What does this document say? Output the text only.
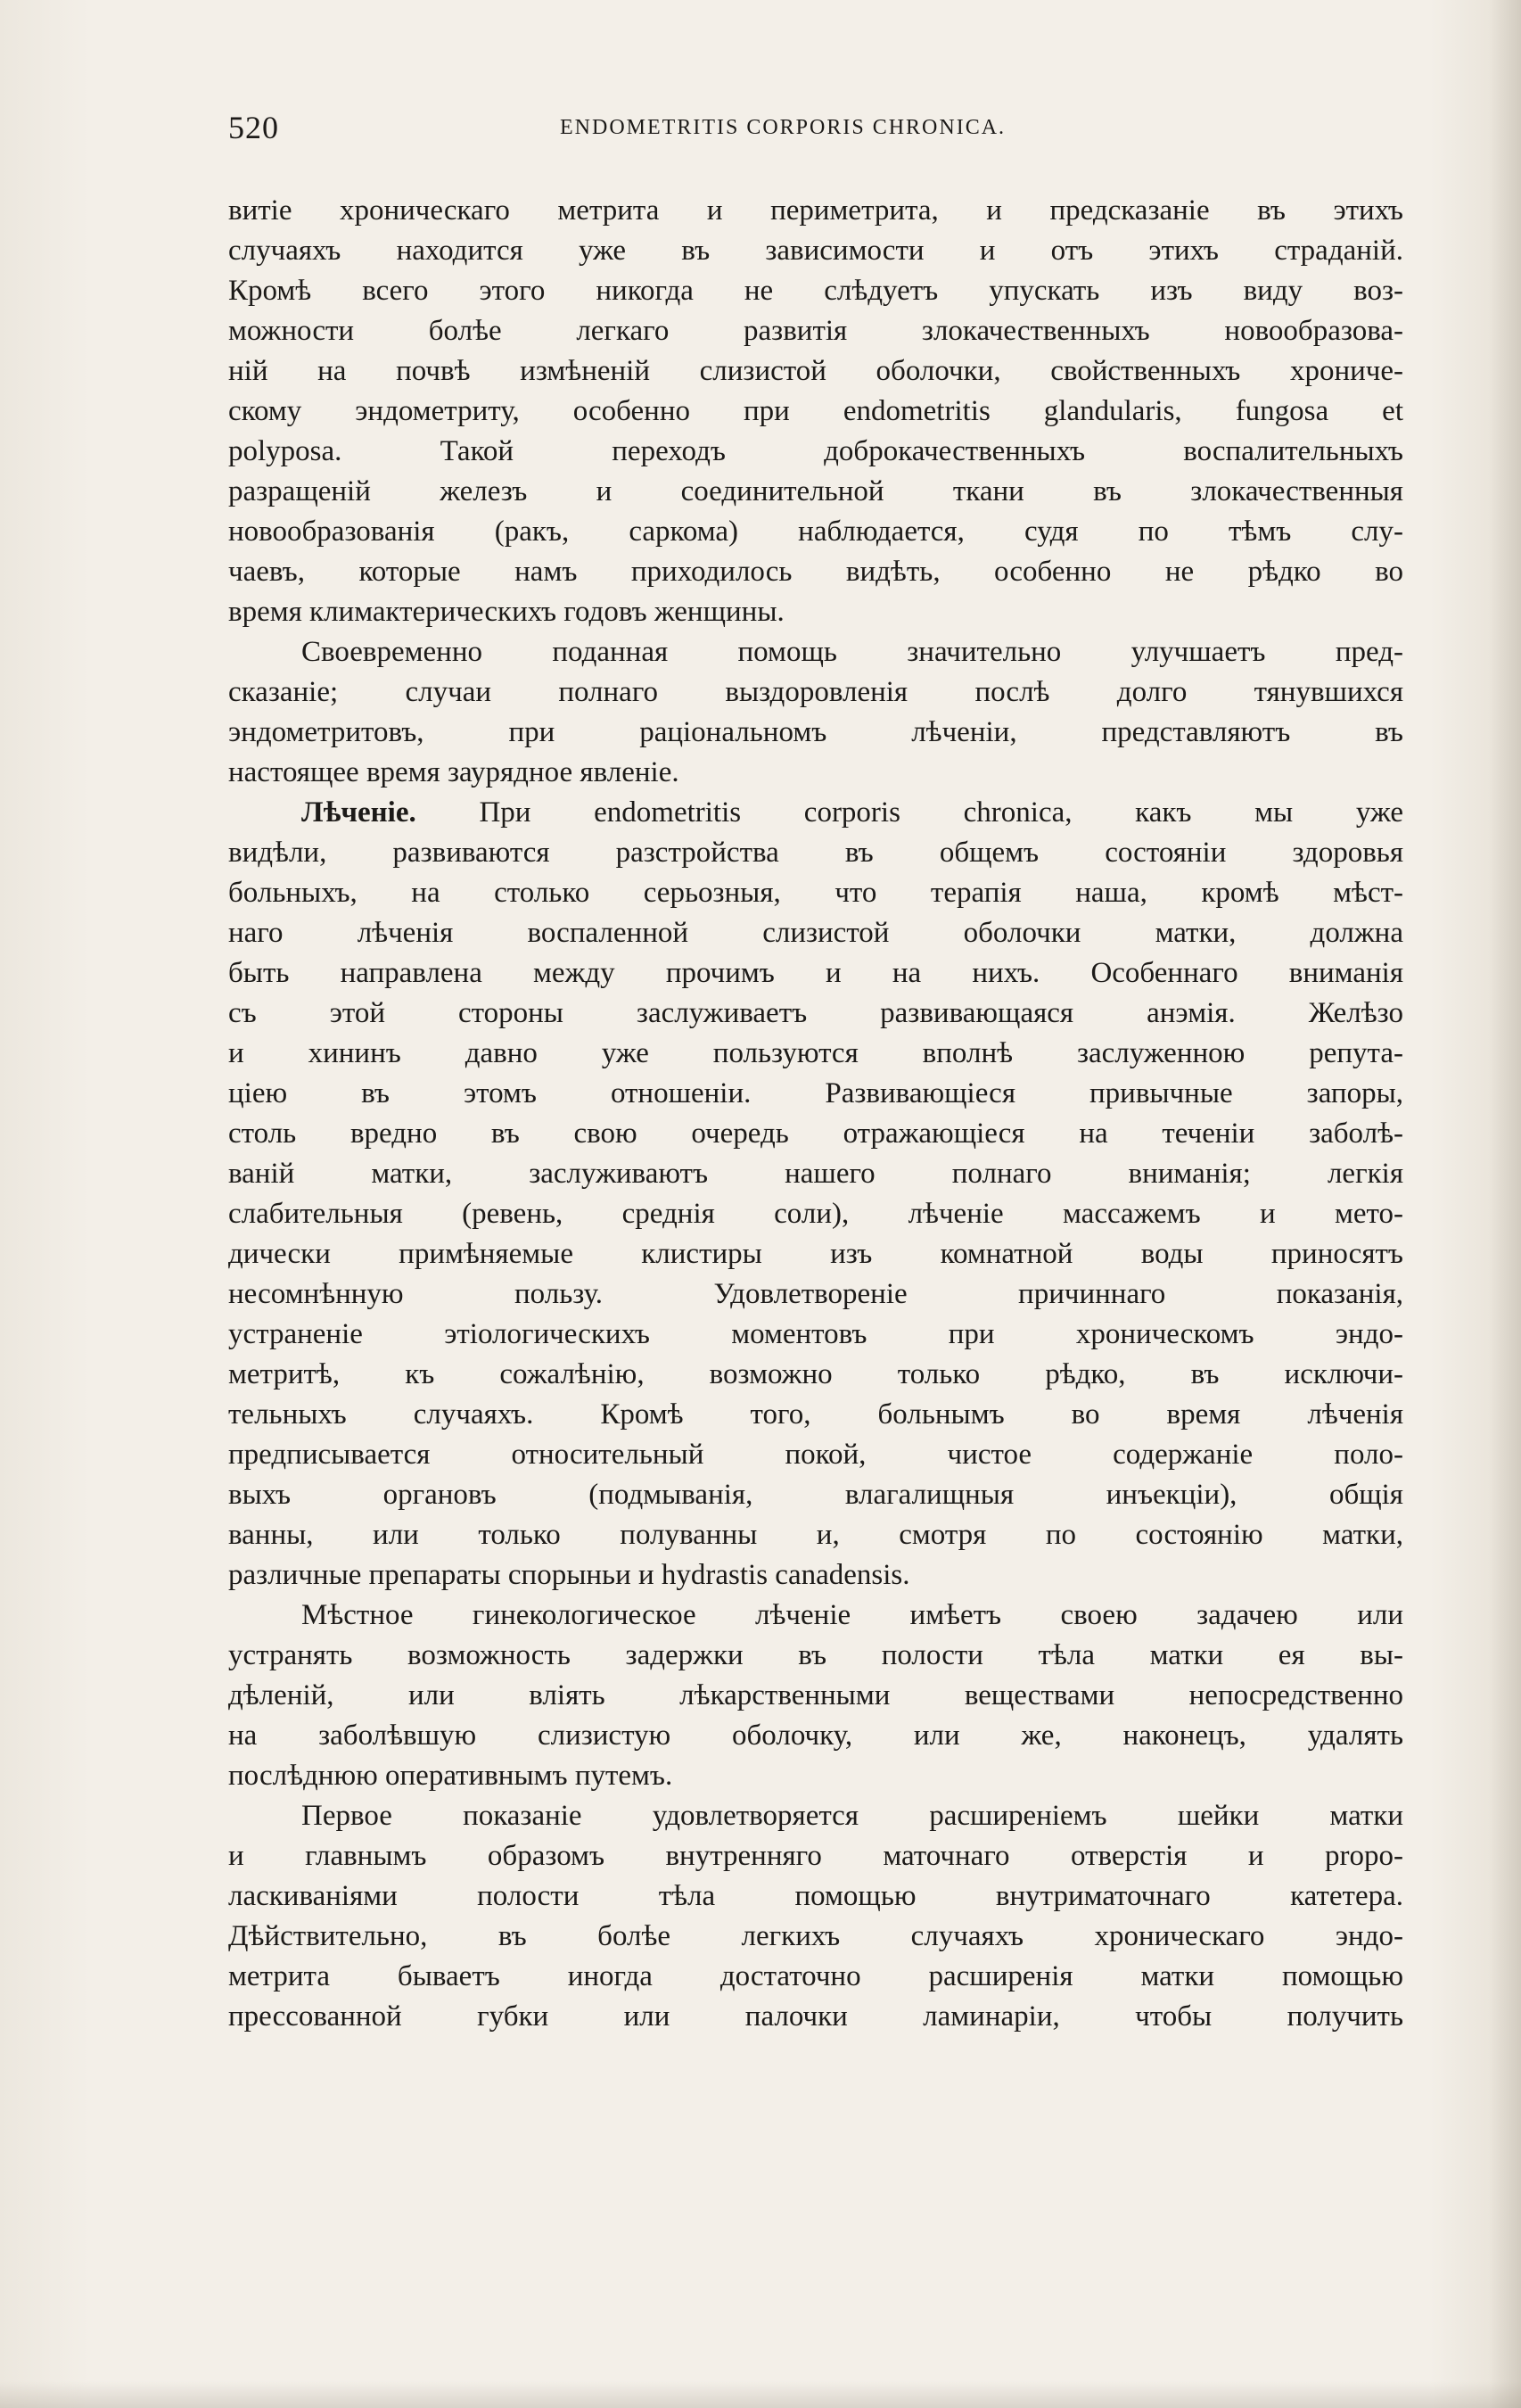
520	ENDOMETRITIS CORPORIS CHRONICA.
витіе хроническаго метрита и периметрита, и предсказаніе въ этихъ
случаяхъ находится уже въ зависимости и отъ этихъ страданій.
Кромѣ всего этого никогда не слѣдуетъ упускать изъ виду воз-
можности болѣе легкаго развитія злокачественныхъ новообразова-
ній на почвѣ измѣненій слизистой оболочки, свойственныхъ хрониче-
скому эндометриту, особенно при endometritis glandularis, fungosa et
polyposa. Такой переходъ доброкачественныхъ воспалительныхъ
разращеній железъ и соединительной ткани въ злокачественныя
новообразованія (ракъ, саркома) наблюдается, судя по тѣмъ слу-
чаевъ, которые намъ приходилось видѣть, особенно не рѣдко во
время климактерическихъ годовъ женщины.
Своевременно поданная помощь значительно улучшаетъ пред-
сказаніе; случаи полнаго выздоровленія послѣ долго тянувшихся
эндометритовъ, при раціональномъ лѣченіи, представляютъ въ
настоящее время заурядное явленіе.
Лѣченіе. При endometritis corporis chronica, какъ мы уже
видѣли, развиваются разстройства въ общемъ состояніи здоровья
больныхъ, на столько серьозныя, что терапія наша, кромѣ мѣст-
наго лѣченія воспаленной слизистой оболочки матки, должна
быть направлена между прочимъ и на нихъ. Особеннаго вниманія
съ этой стороны заслуживаетъ развивающаяся анэмія. Желѣзо
и хининъ давно уже пользуются вполнѣ заслуженною репута-
ціею въ этомъ отношеніи. Развивающіеся привычные запоры,
столь вредно въ свою очередь отражающіеся на теченіи заболѣ-
ваній матки, заслуживаютъ нашего полнаго вниманія; легкія
слабительныя (ревень, среднія соли), лѣченіе массажемъ и мето-
дически примѣняемые клистиры изъ комнатной воды приносятъ
несомнѣнную пользу. Удовлетвореніе причиннаго показанія,
устраненіе этіологическихъ моментовъ при хроническомъ эндо-
метритѣ, къ сожалѣнію, возможно только рѣдко, въ исключи-
тельныхъ случаяхъ. Кромѣ того, больнымъ во время лѣченія
предписывается относительный покой, чистое содержаніе поло-
выхъ органовъ (подмыванія, влагалищныя инъекціи), общія
ванны, или только полуванны и, смотря по состоянію матки,
различные препараты спорыньи и hydrastis canadensis.
Мѣстное гинекологическое лѣченіе имѣетъ своею задачею или
устранять возможность задержки въ полости тѣла матки ея вы-
дѣленій, или вліять лѣкарственными веществами непосредственно
на заболѣвшую слизистую оболочку, или же, наконецъ, удалять
послѣднюю оперативнымъ путемъ.
Первое показаніе удовлетворяется расширеніемъ шейки матки
и главнымъ образомъ внутренняго маточнаго отверстія и propo-
ласкиваніями полости тѣла помощью внутриматочнаго катетера.
Дѣйствительно, въ болѣе легкихъ случаяхъ хроническаго эндо-
метрита бываетъ иногда достаточно расширенія матки помощью
прессованной губки или палочки ламинаріи, чтобы получить
